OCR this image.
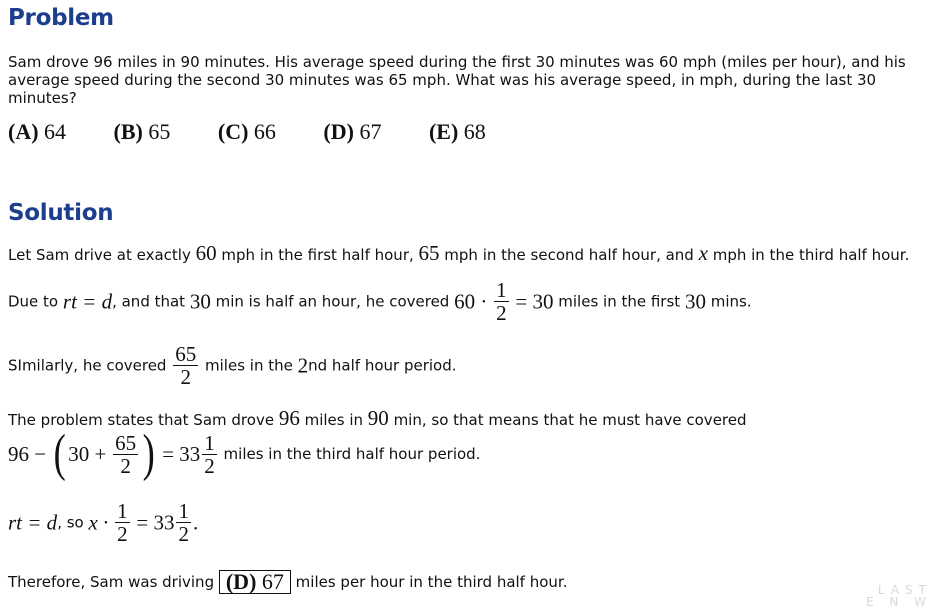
Problem
Sam drove 96 miles in 90 minutes. His average speed during the first 30 minutes was 60 mph (miles per hour), and his average speed during the second 30 minutes was 65 mph. What was his average speed, in mph, during the last 30 minutes?
(A) 64 (B) 65 (C) 66 (D) 67 (E) 68
Solution
Let Sam drive at exactly 60 mph in the first half hour, 65 mph in the second half hour, and x mph in the third half hour.
Due to rt = d, and that 30 min is half an hour, he covered $60 \cdot \frac{1}{2} = 30$ miles in the first 30 mins.
SImilarly, he covered $\frac{65}{2}$ miles in the 2nd half hour period.
The problem states that Sam drove 96 miles in 90 min, so that means that he must have covered
96 − ( $30 + \frac{65}{2}$ ) = $33 \frac{1}{2}$ miles in the third half hour period.
rt = d, so $x \cdot \frac{1}{2} = 33 \frac{1}{2}$ .
Therefore, Sam was driving (D) 67 miles per hour in the third half hour.	LAST
E N W
